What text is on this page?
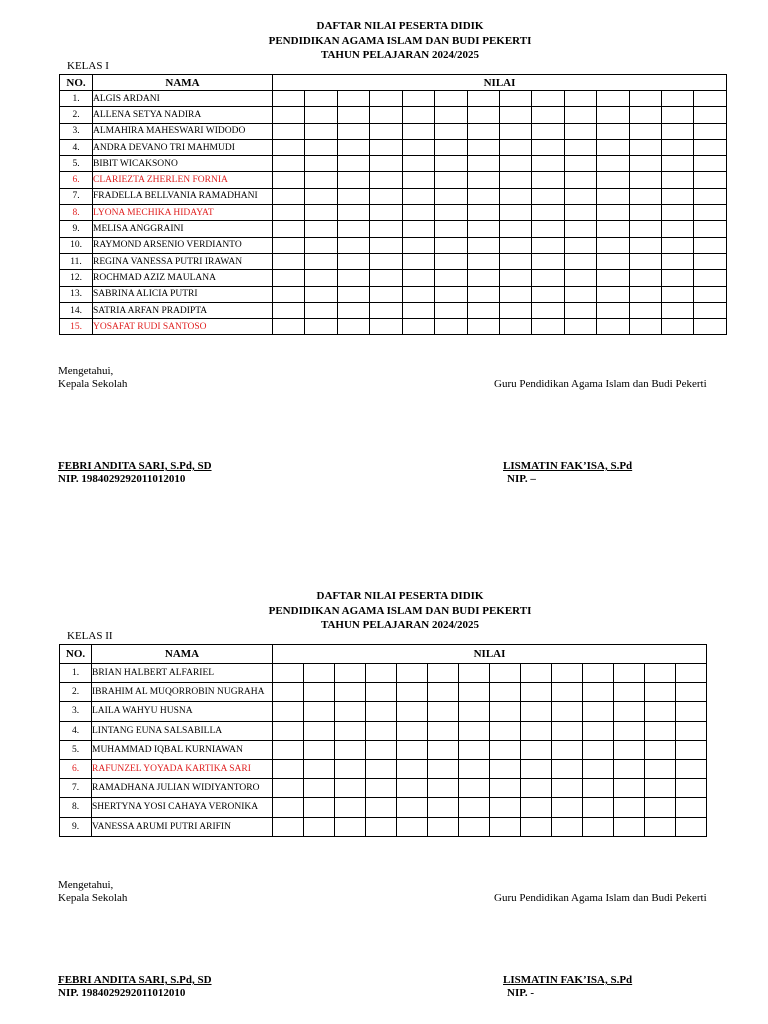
DAFTAR NILAI PESERTA DIDIK
PENDIDIKAN AGAMA ISLAM DAN BUDI PEKERTI
TAHUN PELAJARAN 2024/2025
KELAS I
NO.	NAMA	NILAI													
1.	ALGIS ARDANI														
2.	ALLENA SETYA NADIRA														
3.	ALMAHIRA MAHESWARI WIDODO														
4.	ANDRA DEVANO TRI MAHMUDI														
5.	BIBIT WICAKSONO														
6.	CLARIEZTA ZHERLEN FORNIA														
7.	FRADELLA BELLVANIA RAMADHANI														
8.	LYONA MECHIKA HIDAYAT														
9.	MELISA ANGGRAINI														
10.	RAYMOND ARSENIO VERDIANTO														
11.	REGINA VANESSA PUTRI IRAWAN														
12.	ROCHMAD AZIZ MAULANA														
13.	SABRINA ALICIA PUTRI														
14.	SATRIA ARFAN PRADIPTA														
15.	YOSAFAT RUDI SANTOSO														
Mengetahui,
Kepala Sekolah	Guru Pendidikan Agama Islam dan Budi Pekerti
FEBRI ANDITA SARI, S.Pd, SD
NIP. 1984029292011012010
LISMATIN FAK’ISA, S.Pd
NIP. –
DAFTAR NILAI PESERTA DIDIK
PENDIDIKAN AGAMA ISLAM DAN BUDI PEKERTI
TAHUN PELAJARAN 2024/2025
KELAS II
NO.	NAMA	NILAI													
1.	BRIAN HALBERT ALFARIEL														
2.	IBRAHIM AL MUQORROBIN NUGRAHA														
3.	LAILA WAHYU HUSNA														
4.	LINTANG EUNA SALSABILLA														
5.	MUHAMMAD IQBAL KURNIAWAN														
6.	RAFUNZEL YOYADA KARTIKA SARI														
7.	RAMADHANA JULIAN WIDIYANTORO														
8.	SHERTYNA YOSI CAHAYA VERONIKA														
9.	VANESSA ARUMI PUTRI ARIFIN														
Mengetahui,
Kepala Sekolah	Guru Pendidikan Agama Islam dan Budi Pekerti
FEBRI ANDITA SARI, S.Pd, SD
NIP. 1984029292011012010
LISMATIN FAK’ISA, S.Pd
NIP. -
